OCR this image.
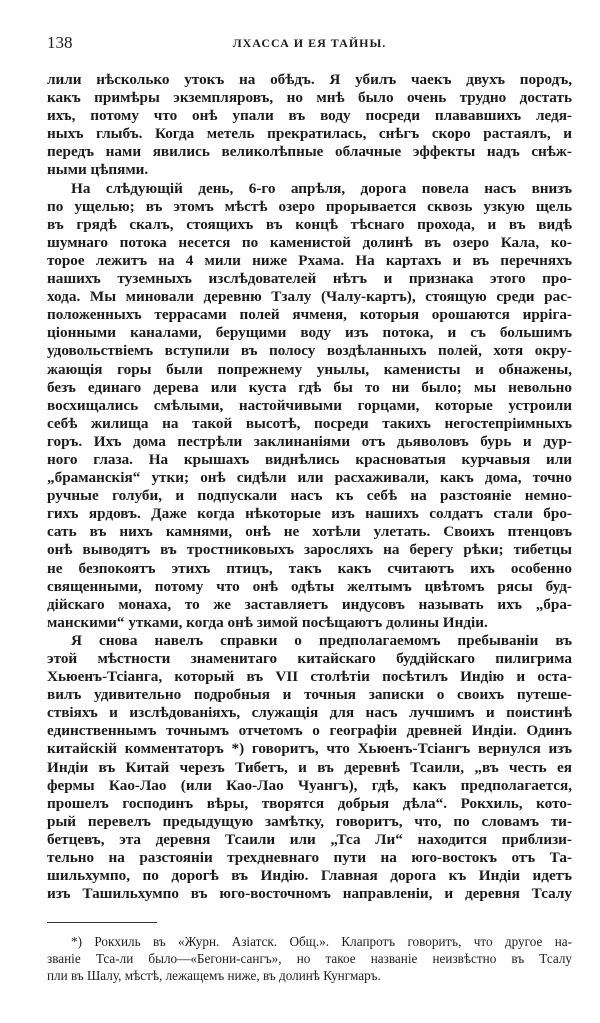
138	ЛХАССА И ЕЯ ТАЙНЫ.
лили нѣсколько утокъ на обѣдъ. Я убилъ чаекъ двухъ породъ,
какъ примѣры экземпляровъ, но мнѣ было очень трудно достать
ихъ, потому что онѣ упали въ воду посреди плававшихъ ледя-
ныхъ глыбъ. Когда метель прекратилась, снѣгъ скоро растаялъ, и
передъ нами явились великолѣпные облачные эффекты надъ снѣж-
ными цѣпями.
На слѣдующій день, 6-го апрѣля, дорога повела насъ внизъ
по ущелью; въ этомъ мѣстѣ озеро прорывается сквозь узкую щель
въ грядѣ скалъ, стоящихъ въ концѣ тѣснаго прохода, и въ видѣ
шумнаго потока несется по каменистой долинѣ въ озеро Кала, ко-
торое лежитъ на 4 мили ниже Рхама. На картахъ и въ перечняхъ
нашихъ туземныхъ изслѣдователей нѣтъ и признака этого про-
хода. Мы миновали деревню Тзалу (Чалу-картъ), стоящую среди рас-
положенныхъ террасами полей ячменя, которыя орошаются ирріга-
ціонными каналами, берущими воду изъ потока, и съ большимъ
удовольствіемъ вступили въ полосу воздѣланныхъ полей, хотя окру-
жающія горы были попрежнему унылы, каменисты и обнажены,
безъ единаго дерева или куста гдѣ бы то ни было; мы невольно
восхищались смѣлыми, настойчивыми горцами, которые устроили
себѣ жилища на такой высотѣ, посреди такихъ негостепріимныхъ
горъ. Ихъ дома пестрѣли заклинаніями отъ дьяволовъ бурь и дур-
ного глаза. На крышахъ виднѣлись красноватыя курчавыя или
„браманскія“ утки; онѣ сидѣли или расхаживали, какъ дома, точно
ручные голуби, и подпускали насъ къ себѣ на разстояніе немно-
гихъ ярдовъ. Даже когда нѣкоторые изъ нашихъ солдатъ стали бро-
сать въ нихъ камнями, онѣ не хотѣли улетать. Своихъ птенцовъ
онѣ выводятъ въ тростниковыхъ заросляхъ на берегу рѣки; тибетцы
не безпокоятъ этихъ птицъ, такъ какъ считаютъ ихъ особенно
священными, потому что онѣ одѣты желтымъ цвѣтомъ рясы буд-
дійскаго монаха, то же заставляетъ индусовъ называть ихъ „бра-
манскими“ утками, когда онѣ зимой посѣщаютъ долины Индіи.
Я снова навелъ справки о предполагаемомъ пребываніи въ
этой мѣстности знаменитаго китайскаго буддійскаго пилигрима
Хьюенъ-Тсіанга, который въ VII столѣтіи посѣтилъ Индію и оста-
вилъ удивительно подробныя и точныя записки о своихъ путеше-
ствіяхъ и изслѣдованіяхъ, служащія для насъ лучшимъ и поистинѣ
единственнымъ точнымъ отчетомъ о географіи древней Индіи. Одинъ
китайскій комментаторъ *) говоритъ, что Хьюенъ-Тсіангъ вернулся изъ
Индіи въ Китай черезъ Тибетъ, и въ деревнѣ Тсаили, „въ честь ея
фермы Као-Лао (или Као-Лао Чуангъ), гдѣ, какъ предполагается,
прошелъ господинъ вѣры, творятся добрыя дѣла“. Рокхиль, кото-
рый перевелъ предыдущую замѣтку, говоритъ, что, по словамъ ти-
бетцевъ, эта деревня Тсаили или „Тса Ли“ находится приблизи-
тельно на разстояніи трехдневнаго пути на юго-востокъ отъ Та-
шильхумпо, по дорогѣ въ Индію. Главная дорога къ Индіи идетъ
изъ Ташильхумпо въ юго-восточномъ направленіи, и деревня Тсалу
*) Рокхиль въ «Журн. Азіатск. Общ.». Клапротъ говоритъ, что другое на-
званіе Тса-ли было—«Бегони-сангъ», но такое названіе неизвѣстно въ Тсалу
пли въ Шалу, мѣстѣ, лежащемъ ниже, въ долинѣ Кунгмаръ.
